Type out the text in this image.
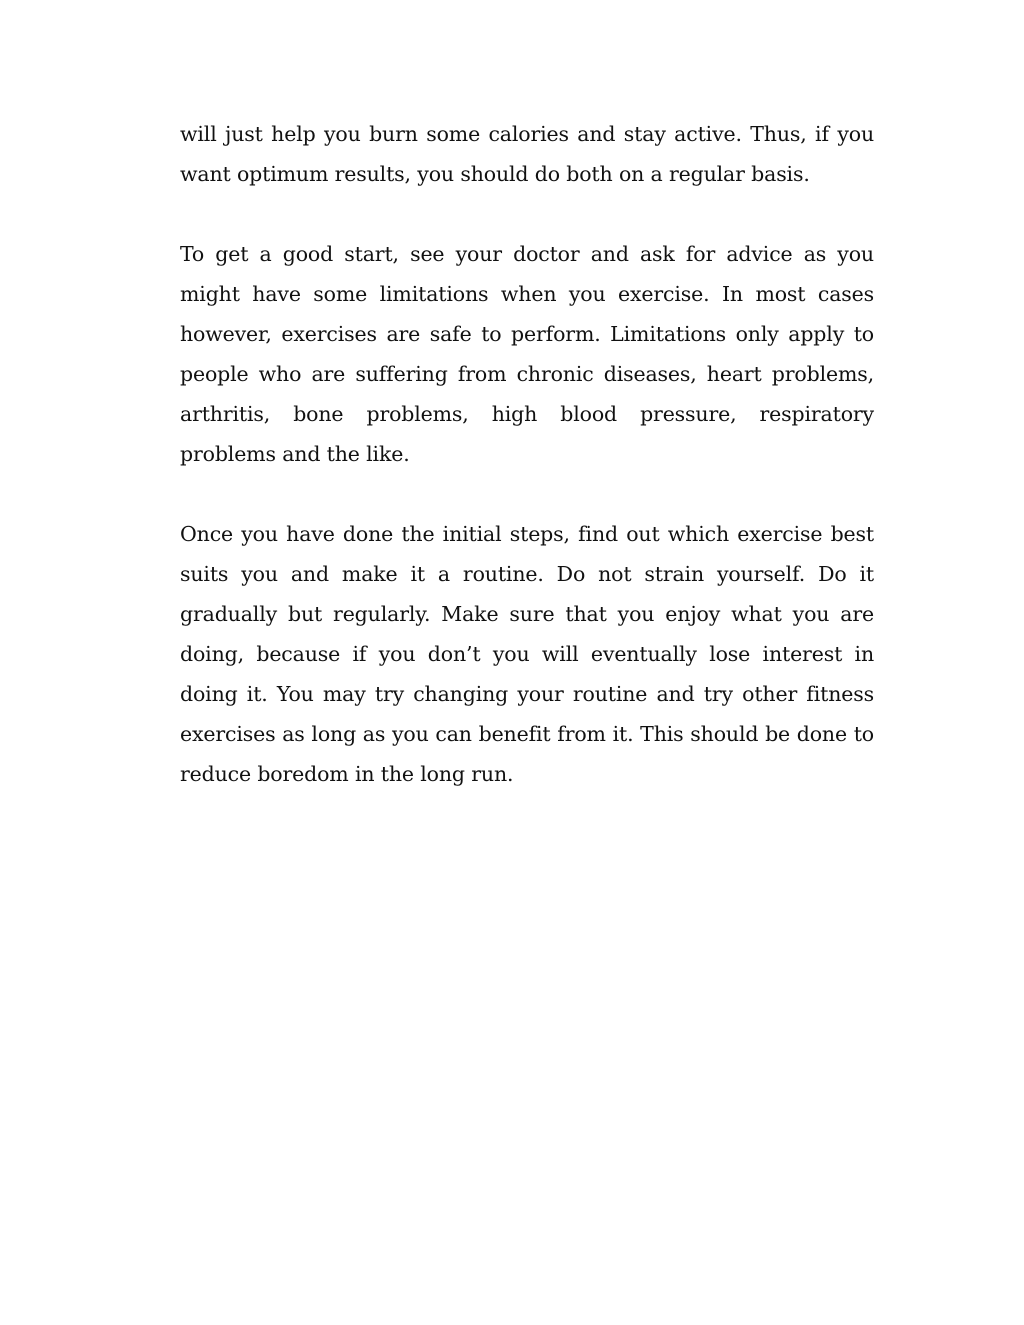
will just help you burn some calories and stay active. Thus, if you want optimum results, you should do both on a regular basis.

To get a good start, see your doctor and ask for advice as you might have some limitations when you exercise. In most cases however, exercises are safe to perform. Limitations only apply to people who are suffering from chronic diseases, heart problems, arthritis, bone problems, high blood pressure, respiratory problems and the like.

Once you have done the initial steps, find out which exercise best suits you and make it a routine. Do not strain yourself. Do it gradually but regularly. Make sure that you enjoy what you are doing, because if you don’t you will eventually lose interest in doing it. You may try changing your routine and try other fitness exercises as long as you can benefit from it. This should be done to reduce boredom in the long run.
